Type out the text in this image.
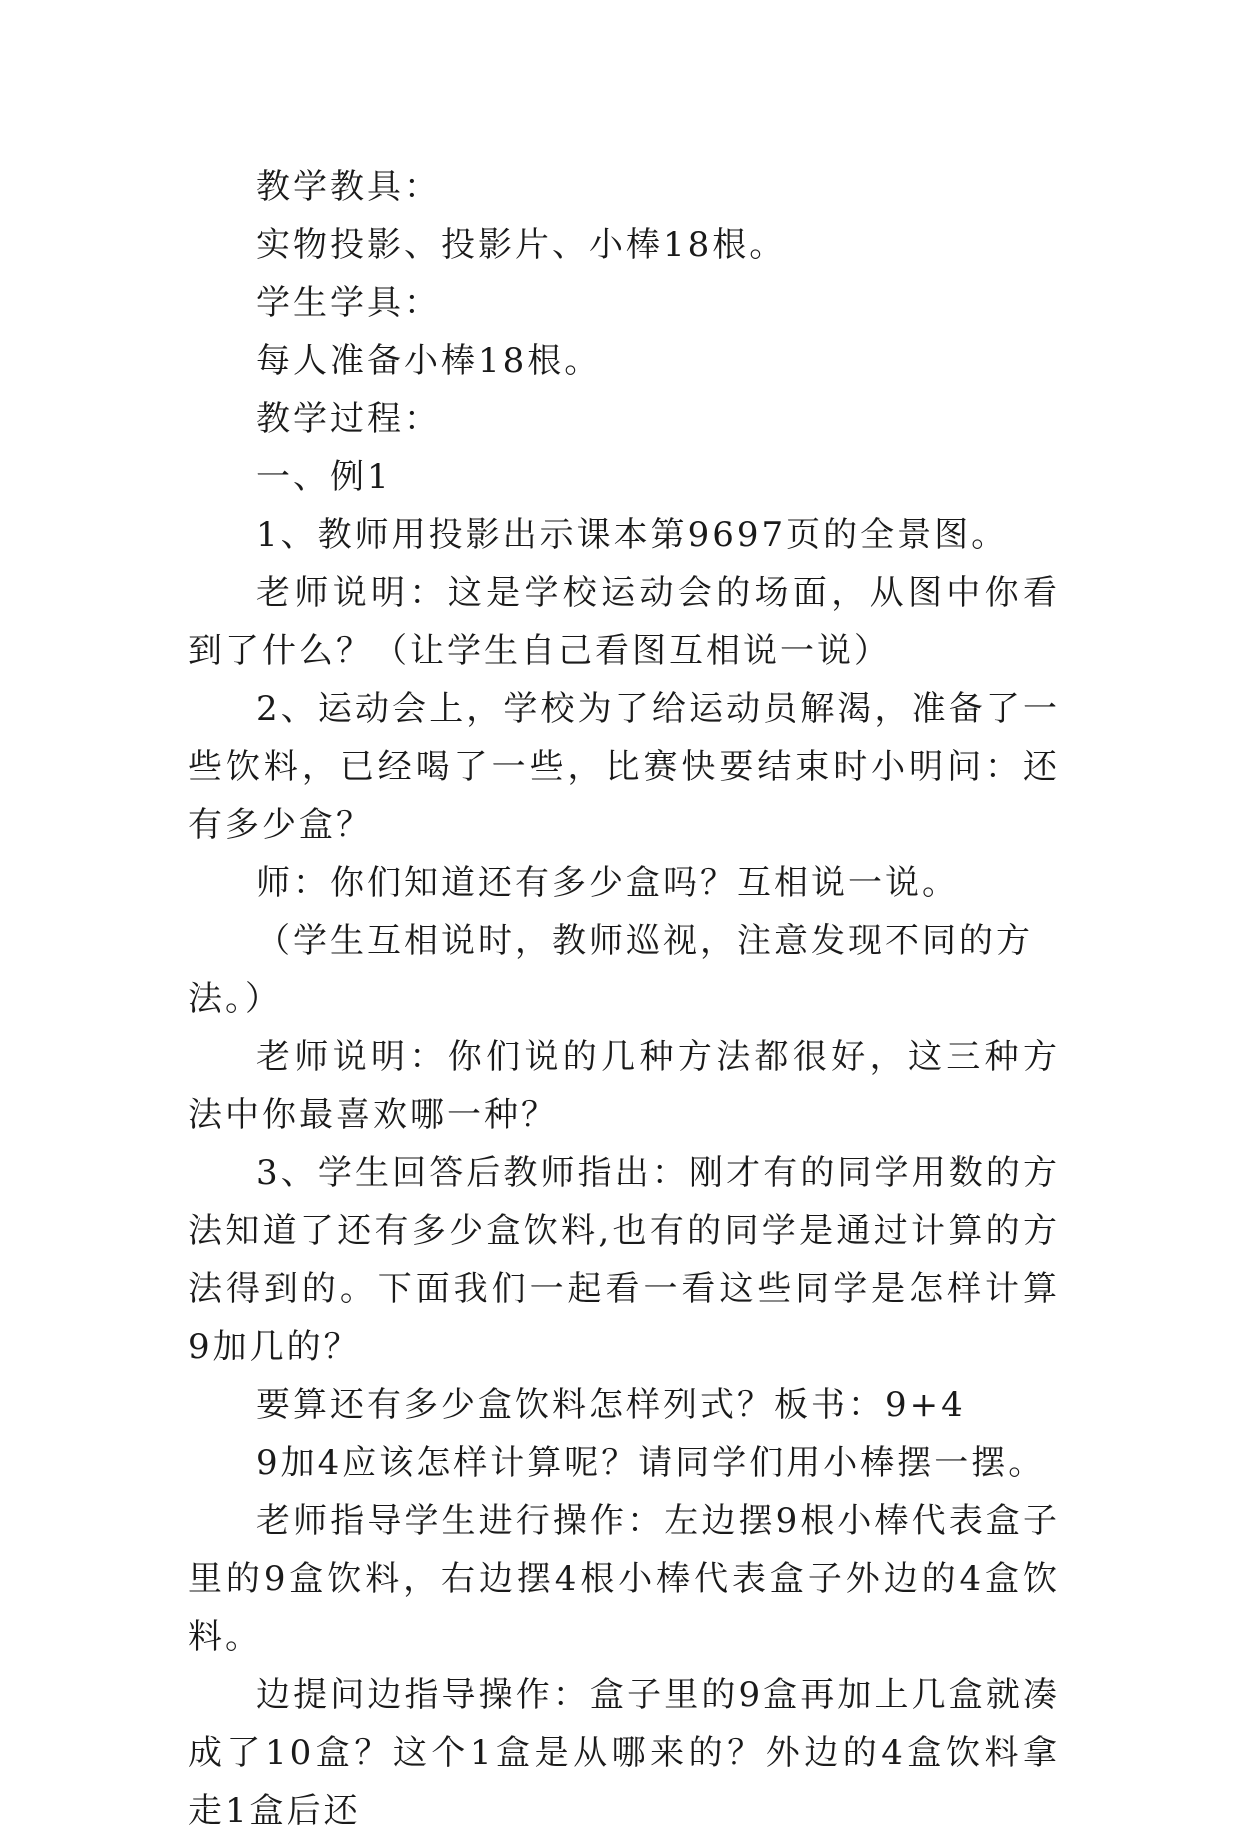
教学教具：

实物投影、投影片、小棒18根。

学生学具：

每人准备小棒18根。

教学过程：

一、例1

1、教师用投影出示课本第9697页的全景图。

老师说明：这是学校运动会的场面，从图中你看到了什么？（让学生自己看图互相说一说）

2、运动会上，学校为了给运动员解渴，准备了一些饮料，已经喝了一些，比赛快要结束时小明问：还有多少盒？

师：你们知道还有多少盒吗？互相说一说。

（学生互相说时，教师巡视，注意发现不同的方法。）

老师说明：你们说的几种方法都很好，这三种方法中你最喜欢哪一种？

3、学生回答后教师指出：刚才有的同学用数的方法知道了还有多少盒饮料,也有的同学是通过计算的方法得到的。下面我们一起看一看这些同学是怎样计算9加几的？

要算还有多少盒饮料怎样列式？板书：9+4

9加4应该怎样计算呢？请同学们用小棒摆一摆。

老师指导学生进行操作：左边摆9根小棒代表盒子里的9盒饮料，右边摆4根小棒代表盒子外边的4盒饮料。

边提问边指导操作：盒子里的9盒再加上几盒就凑成了10盒？这个1盒是从哪来的？外边的4盒饮料拿走1盒后还
